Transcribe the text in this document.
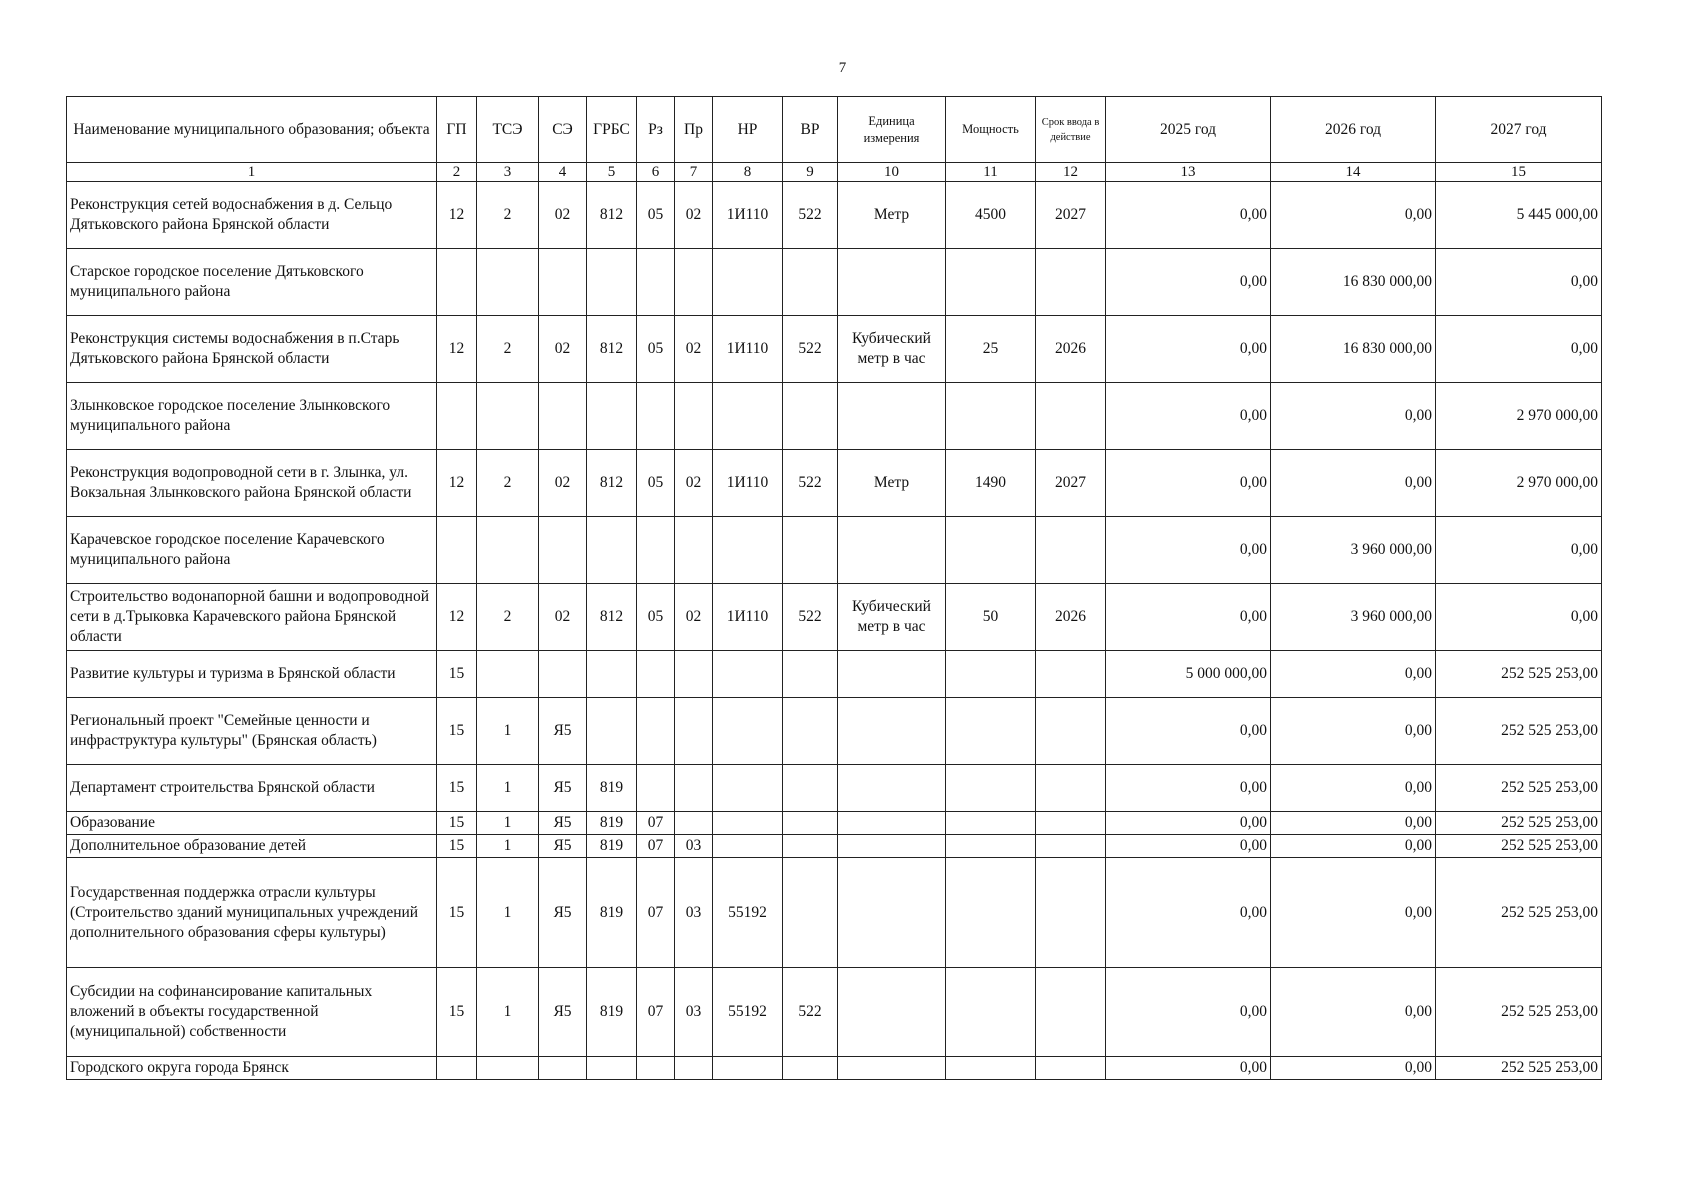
7
Наименование муниципального образования; объекта	ГП	ТСЭ	СЭ	ГРБС	Рз	Пр	НР	ВР	Единица измерения	Мощность	Срок ввода в действие	2025 год	2026 год	2027 год
1	2	3	4	5	6	7	8	9	10	11	12	13	14	15
Реконструкция сетей водоснабжения в д. Сельцо Дятьковского района Брянской области	12	2	02	812	05	02	1И110	522	Метр	4500	2027	0,00	0,00	5 445 000,00
Старское городское поселение Дятьковского муниципального района												0,00	16 830 000,00	0,00
Реконструкция системы водоснабжения в п.Старь Дятьковского района Брянской области	12	2	02	812	05	02	1И110	522	Кубический метр в час	25	2026	0,00	16 830 000,00	0,00
Злынковское городское поселение Злынковского муниципального района												0,00	0,00	2 970 000,00
Реконструкция водопроводной сети в г. Злынка, ул. Вокзальная Злынковского района Брянской области	12	2	02	812	05	02	1И110	522	Метр	1490	2027	0,00	0,00	2 970 000,00
Карачевское городское поселение Карачевского муниципального района												0,00	3 960 000,00	0,00
Строительство водонапорной башни и водопроводной сети в д.Трыковка Карачевского района Брянской области	12	2	02	812	05	02	1И110	522	Кубический метр в час	50	2026	0,00	3 960 000,00	0,00
Развитие культуры и туризма в Брянской области	15											5 000 000,00	0,00	252 525 253,00
Региональный проект "Семейные ценности и инфраструктура культуры" (Брянская область)	15	1	Я5									0,00	0,00	252 525 253,00
Департамент строительства Брянской области	15	1	Я5	819								0,00	0,00	252 525 253,00
Образование	15	1	Я5	819	07							0,00	0,00	252 525 253,00
Дополнительное образование детей	15	1	Я5	819	07	03						0,00	0,00	252 525 253,00
Государственная поддержка отрасли культуры (Строительство зданий муниципальных учреждений дополнительного образования сферы культуры)	15	1	Я5	819	07	03	55192					0,00	0,00	252 525 253,00
Субсидии на софинансирование капитальных вложений в объекты государственной (муниципальной) собственности	15	1	Я5	819	07	03	55192	522				0,00	0,00	252 525 253,00
Городского округа города Брянск												0,00	0,00	252 525 253,00
